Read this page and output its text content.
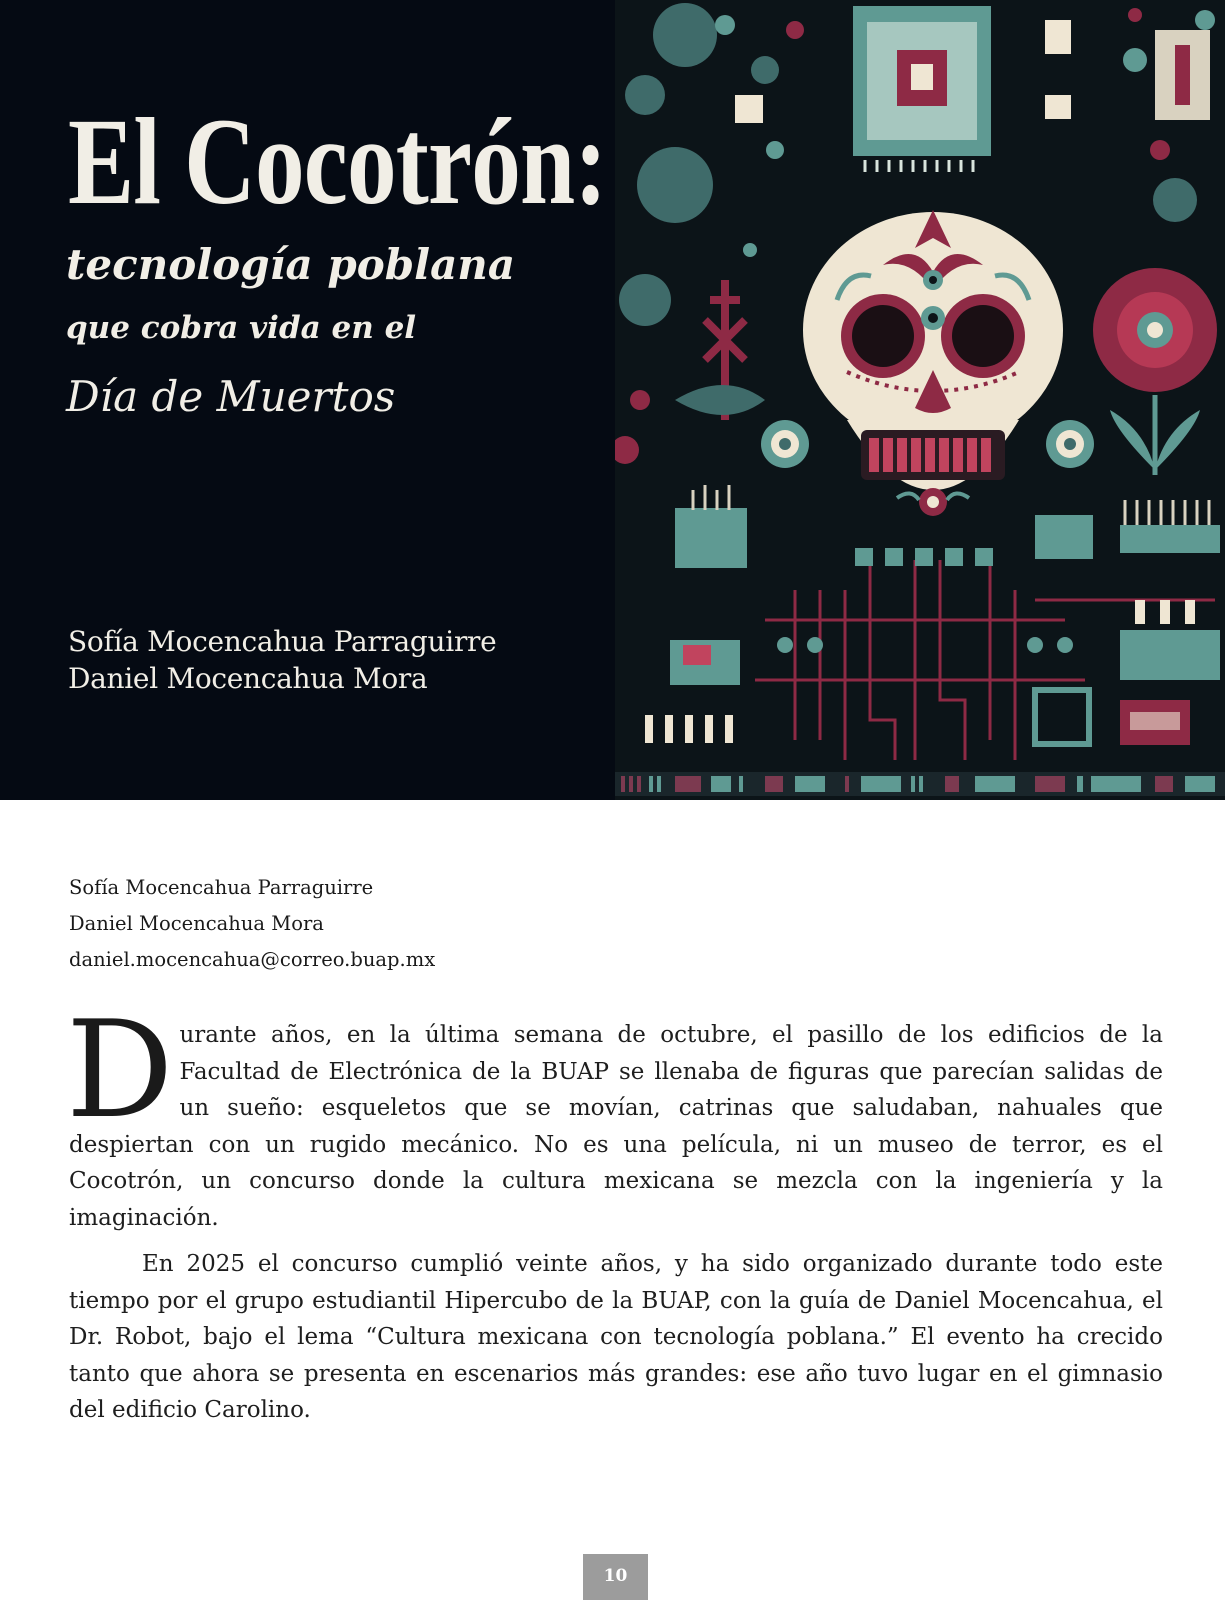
El Cocotrón:

tecnología poblana

que cobra vida en el

Día de Muertos

Sofía Mocencahua Parraguirre

Daniel Mocencahua Mora

Sofía Mocencahua Parraguirre

Daniel Mocencahua Mora

daniel.mocencahua@correo.buap.mx

Durante años, en la última semana de octubre, el pasillo de los edificios de la Facultad de Electrónica de la BUAP se llenaba de figuras que parecían salidas de un sueño: esqueletos que se movían, catrinas que saludaban, nahuales que despiertan con un rugido mecánico. No es una película, ni un museo de terror, es el Cocotrón, un concurso donde la cultura mexicana se mezcla con la ingeniería y la imaginación.

En 2025 el concurso cumplió veinte años, y ha sido organizado durante todo este tiempo por el grupo estudiantil Hipercubo de la BUAP, con la guía de Daniel Mocencahua, el Dr. Robot, bajo el lema “Cultura mexicana con tecnología poblana.” El evento ha crecido tanto que ahora se presenta en escenarios más grandes: ese año tuvo lugar en el gimnasio del edificio Carolino.

10
